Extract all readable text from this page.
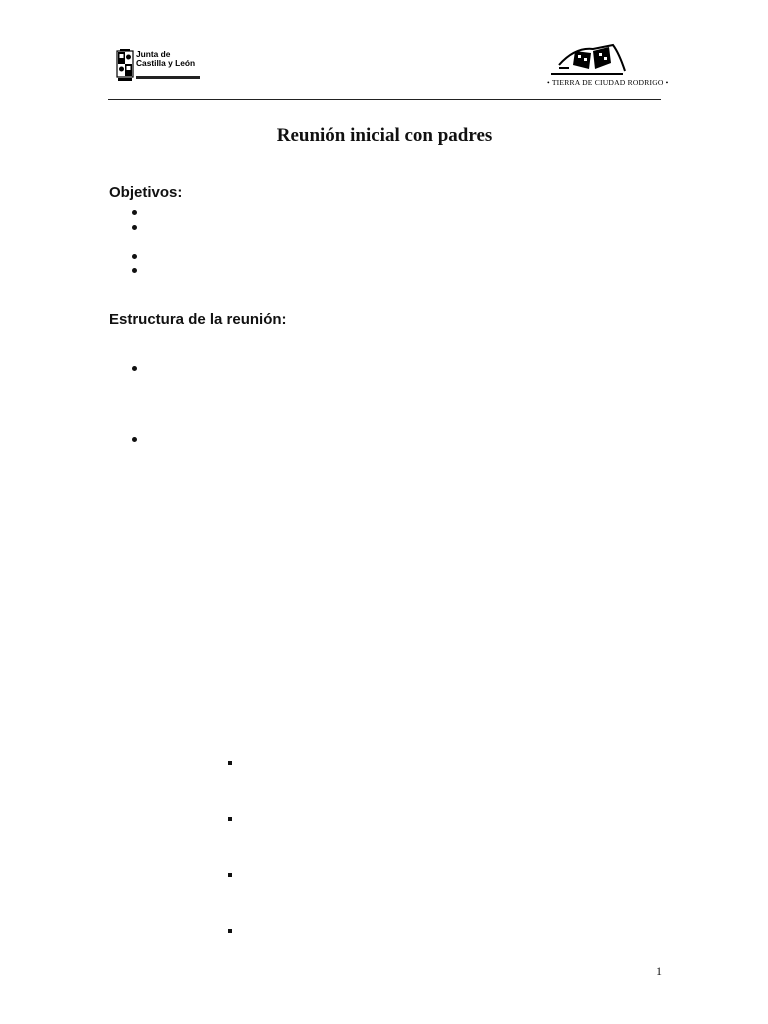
Junta de
Castilla y León
• TIERRA DE CIUDAD RODRIGO •
Reunión inicial con padres
Objetivos:
Estructura de la reunión:
1
